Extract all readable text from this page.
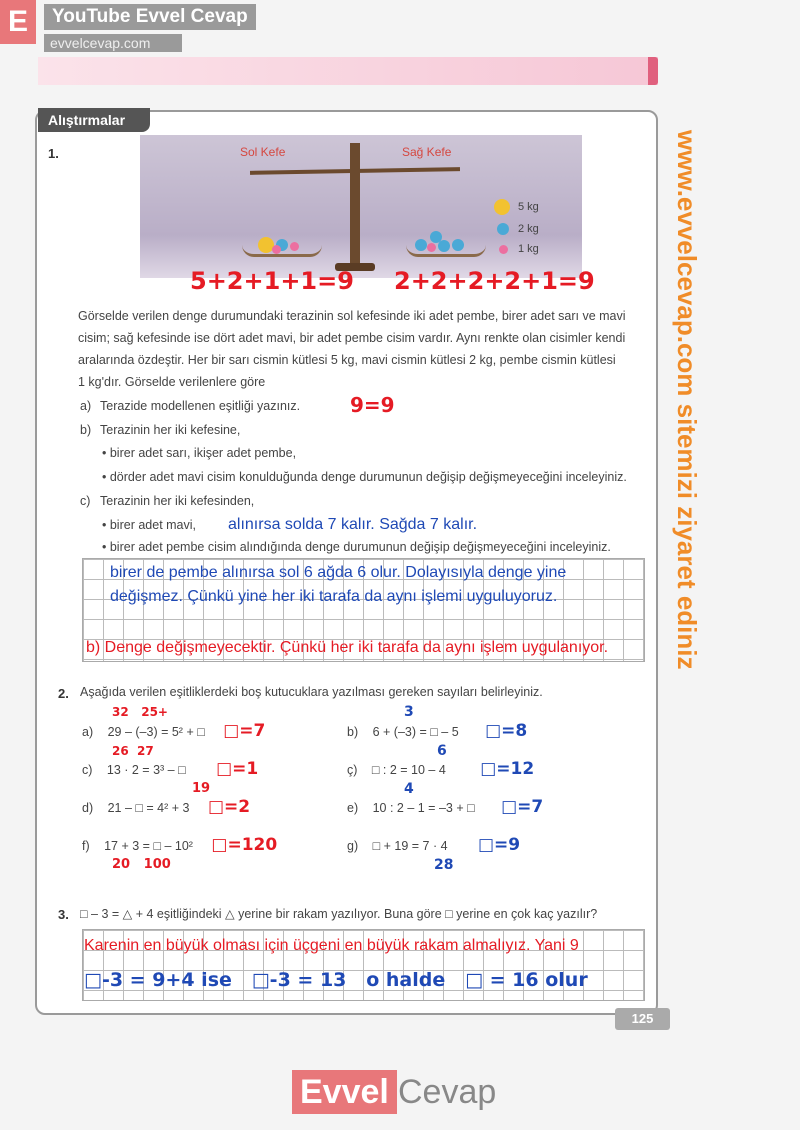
E	YouTube Evvel Cevap
evvelcevap.com
Alıştırmalar
1.
5 kg
2 kg
1 kg
Sol Kefe	Sağ Kefe
5+2+1+1=9 2+2+2+2+1=9
Görselde verilen denge durumundaki terazinin sol kefesinde iki adet pembe, birer adet sarı ve mavi
cisim; sağ kefesinde ise dört adet mavi, bir adet pembe cisim vardır. Aynı renkte olan cisimler kendi
aralarında özdeştir. Her bir sarı cismin kütlesi 5 kg, mavi cismin kütlesi 2 kg, pembe cismin kütlesi
1 kg'dır. Görselde verilenlere göre
a) Terazide modellenen eşitliği yazınız. 9=9
b) Terazinin her iki kefesine,
• birer adet sarı, ikişer adet pembe,
• dörder adet mavi cisim konulduğunda denge durumunun değişip değişmeyeceğini inceleyiniz.
c) Terazinin her iki kefesinden,
• birer adet mavi, alınırsa solda 7 kalır. Sağda 7 kalır.
• birer adet pembe cisim alındığında denge durumunun değişip değişmeyeceğini inceleyiniz.
birer de pembe alınırsa sol 6 ağda 6 olur. Dolayısıyla denge yine
değişmez. Çünkü yine her iki tarafa da aynı işlemi uyguluyoruz.
b) Denge değişmeyecektir. Çünkü her iki tarafa da aynı işlem uygulanıyor.
2. Aşağıda verilen eşitliklerdeki boş kutucuklara yazılması gereken sayıları belirleyiniz.
a) 29 – (–3) = 5² + □ □=7	b) 6 + (–3) = □ – 5 □=8
c) 13 · 2 = 3³ – □ □=1	ç) □ : 2 = 10 – 4 □=12
d) 21 – □ = 4² + 3 □=2	e) 10 : 2 – 1 = –3 + □ □=7
f) 17 + 3 = □ – 10² □=120	g) □ + 19 = 7 · 4 □=9
32   25+	3
26  27	6
19	4
20   100	28
3. □ – 3 = △ + 4 eşitliğindeki △ yerine bir rakam yazılıyor. Buna göre □ yerine en çok kaç yazılır?
Karenin en büyük olması için üçgeni en büyük rakam almalıyız. Yani 9
□-3 = 9+4 ise   □-3 = 13   o halde   □ = 16 olur
125
www.evvelcevap.com sitemizi ziyaret ediniz
Evvel Cevap
